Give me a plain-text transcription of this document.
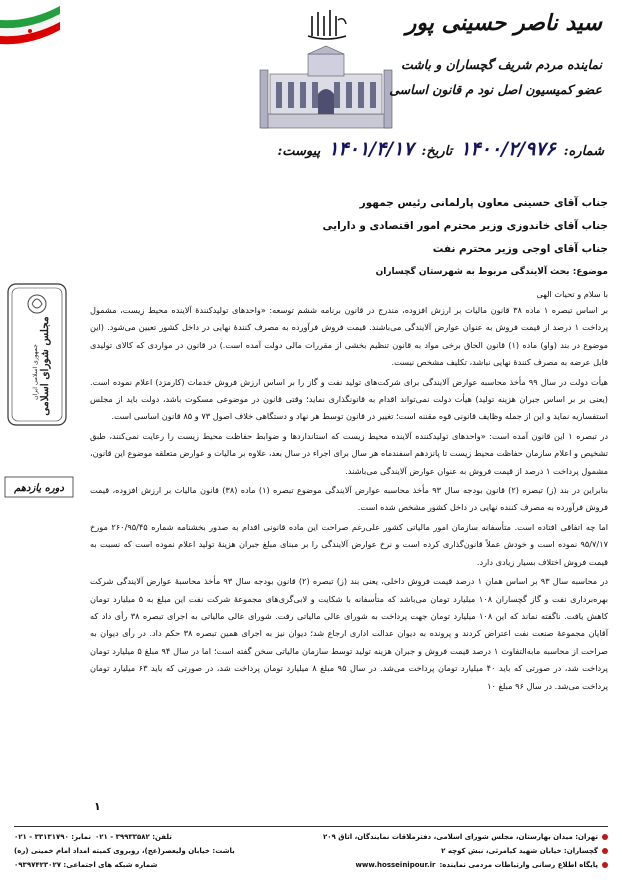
سید ناصر حسینی پور
نماینده مردم شریف گچساران و باشت
عضو کمیسیون اصل نود م قانون اساسی
شماره:
۱۴۰۰/۲/۹۷۶
تاریخ:
۱۴۰۱/۴/۱۷
پیوست:
جمهوری اسلامی ایران مجلس شورای اسلامی
دوره یازدهم

جناب آقای حسینی معاون پارلمانی رئیس جمهور

جناب آقای خاندوزی وزیر محترم امور اقتصادی و دارایی

جناب آقای اوجی وزیر محترم نفت

موضوع: بحث آلایندگی مربوط به شهرستان گچساران

با سلام و تحیات الهی

بر اساس تبصره ۱ ماده ۳۸ قانون مالیات بر ارزش افزوده، مندرج در قانون برنامه ششم توسعه: «واحدهای تولیدکنندهٔ آلاینده محیط زیست، مشمول پرداخت ۱ درصد از قیمت فروش به عنوان عوارض آلایندگی می‌باشند. قیمت فروش فرآورده به مصرف کنندهٔ نهایی در داخل کشور تعیین می‌شود. (این موضوع در بند (واو) ماده (۱) قانون الحاق برخی مواد به قانون تنظیم بخشی از مقررات مالی دولت آمده است.) در قانون در مواردی که کالای تولیدی قابل عرضه به مصرف کنندهٔ نهایی نباشد، تکلیف مشخص نیست.

هیأت دولت در سال ۹۹ مأخذ محاسبه عوارض آلایندگی برای شرکت‌های تولید نفت و گاز را بر اساس ارزش فروش خدمات (کارمزد) اعلام نموده است. (یعنی بر بر اساس جبران هزینه تولید) هیأت دولت نمی‌تواند اقدام به قانونگذاری نماید؛ وقتی قانون در موضوعی مسکوت باشد، دولت باید از مجلس استفساریه نماید و این از جمله وظایف قانونی قوه مقننه است؛ تغییر در قانون توسط هر نهاد و دستگاهی خلاف اصول ۷۳ و ۸۵ قانون اساسی است.

در تبصره ۱ این قانون آمده است: «واحدهای تولیدکننده آلاینده محیط زیست که استانداردها و ضوابط حفاظت محیط زیست را رعایت نمی‌کنند، طبق تشخیص و اعلام سازمان حفاظت محیط زیست تا پانزدهم اسفندماه هر سال برای اجراء در سال بعد، علاوه بر مالیات و عوارض متعلقه موضوع این قانون، مشمول پرداخت ۱ درصد از قیمت فروش به عنوان عوارض آلایندگی می‌باشند.

بنابراین در بند (ز) تبصره (۲) قانون بودجه سال ۹۳ مأخذ محاسبه عوارض آلایندگی موضوع تبصره (۱) ماده (۳۸) قانون مالیات بر ارزش افزوده، قیمت فروش فرآورده به مصرف کننده نهایی در داخل کشور مشخص شده است.

اما چه اتفاقی افتاده است. متأسفانه سازمان امور مالیاتی کشور علی‌رغم صراحت این ماده قانونی اقدام به صدور بخشنامه شماره ۲۶۰/۹۵/۴۵ مورخ ۹۵/۷/۱۷ نموده است و خودش عملاً قانون‌گذاری کرده است و نرخ عوارض آلایندگی را بر مبنای مبلغ جبران هزینهٔ تولید اعلام نموده است که نسبت به قیمت فروش اختلاف بسیار زیادی دارد.

در محاسبه سال ۹۳ بر اساس همان ۱ درصد قیمت فروش داخلی، یعنی بند (ز) تبصره (۲) قانون بودجه سال ۹۳ مأخذ محاسبهٔ عوارض آلایندگی شرکت بهره‌برداری نفت و گاز گچساران ۱۰۸ میلیارد تومان می‌باشد که متأسفانه با شکایت و لابی‌گری‌های مجموعهٔ شرکت نفت این مبلغ به ۵ میلیارد تومان کاهش یافت. ناگفته نماند که این ۱۰۸ میلیارد تومان جهت پرداخت به شورای عالی مالیاتی رفت. شورای عالی مالیاتی به اجرای تبصره ۳۸ رأی داد که آقایان مجموعهٔ صنعت نفت اعتراض کردند و پرونده به دیوان عدالت اداری ارجاع شد؛ دیوان نیز به اجرای همین تبصره ۳۸ حکم داد. در رأی دیوان به صراحت از محاسبه مابه‌التفاوت ۱ درصد قیمت فروش و جبران هزینه تولید توسط سازمان مالیاتی سخن گفته است؛ اما در سال ۹۴ مبلغ ۵ میلیارد تومان پرداخت شد، در صورتی که باید ۴۰ میلیارد تومان پرداخت می‌شد. در سال ۹۵ مبلغ ۸ میلیارد تومان پرداخت شد، در صورتی که باید ۶۳ میلیارد تومان پرداخت می‌شد. در سال ۹۶ مبلغ ۱۰

۱
تهران: میدان بهارستان، مجلس شورای اسلامی، دفترملاقات نمایندگان، اتاق ۲۰۹
تلفن: ۳۹۹۳۳۵۸۲ - ۰۲۱
نمابر: ۳۳۱۳۱۷۹۰ - ۰۲۱
گچساران: خیابان شهید کیامرثی، نبش کوچه ۲
باشت: خیابان ولیعصر(عج)، روبروی کمیته امداد امام خمینی (ره)
پایگاه اطلاع رسانی وارتباطات مردمی نماینده:
www.hosseinipour.ir
شماره شبکه های اجتماعی: ۰۹۳۹۷۴۲۳۰۲۷
